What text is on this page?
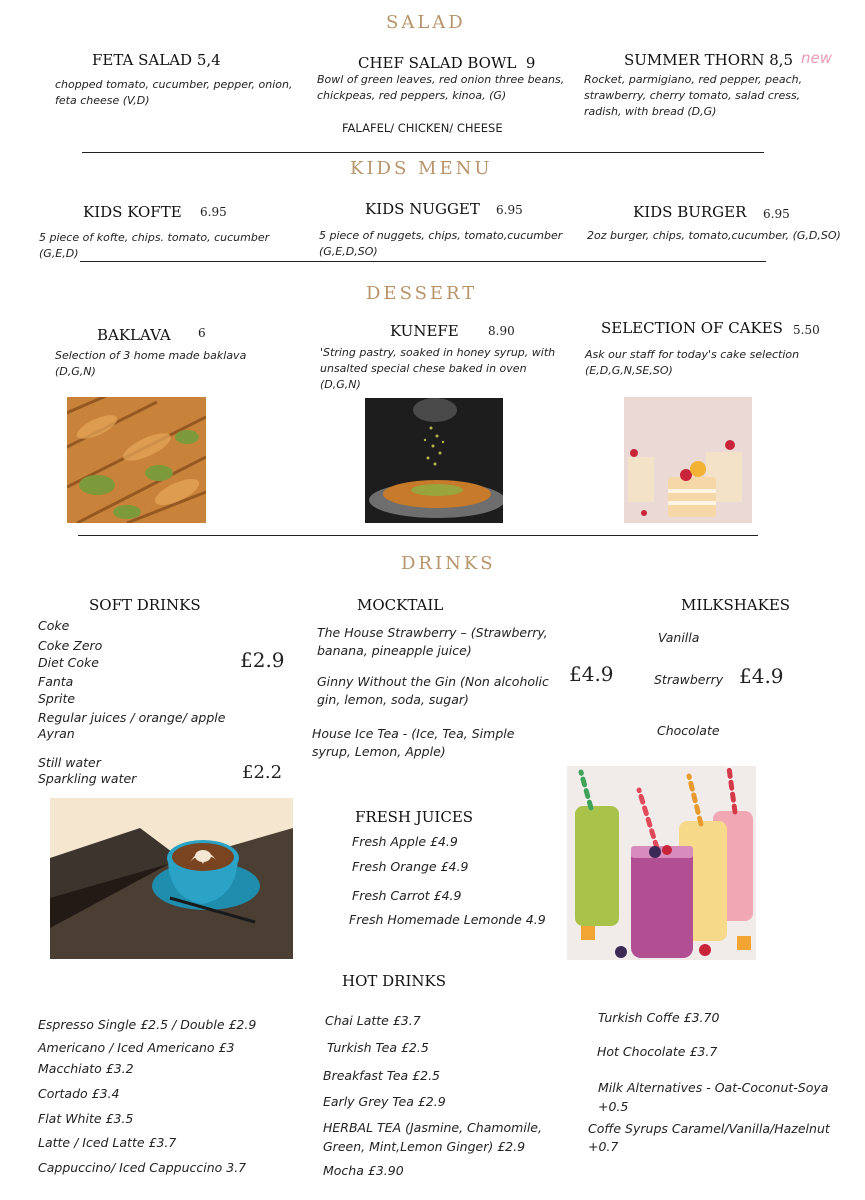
SALAD
FETA SALAD 5,4
chopped tomato, cucumber, pepper, onion,
feta cheese (V,D)
CHEF SALAD BOWL 9
Bowl of green leaves, red onion three beans,
chickpeas, red peppers, kinoa, (G)
FALAFEL/ CHICKEN/ CHEESE
SUMMER THORN 8,5 new
Rocket, parmigiano, red pepper, peach,
strawberry, cherry tomato, salad cress,
radish, with bread (D,G)
KIDS MENU
KIDS KOFTE 6.95
5 piece of kofte, chips. tomato, cucumber
(G,E,D)
KIDS NUGGET 6.95
5 piece of nuggets, chips, tomato,cucumber
(G,E,D,SO)
KIDS BURGER 6.95
2oz burger, chips, tomato,cucumber, (G,D,SO)
DESSERT
BAKLAVA 6
Selection of 3 home made baklava
(D,G,N)
KUNEFE 8.90
'String pastry, soaked in honey syrup, with
unsalted special chese baked in oven
(D,G,N)
SELECTION OF CAKES 5.50
Ask our staff for today's cake selection
(E,D,G,N,SE,SO)
DRINKS
SOFT DRINKS
Coke
Coke Zero
Diet Coke
Fanta
Sprite
Regular juices / orange/ apple
Ayran
£2.9
Still water
Sparkling water	£2.2
MOCKTAIL
The House Strawberry – (Strawberry,
banana, pineapple juice)
Ginny Without the Gin (Non alcoholic
gin, lemon, soda, sugar)
House Ice Tea - (Ice, Tea, Simple
syrup, Lemon, Apple)
£4.9
MILKSHAKES
Vanilla
Strawberry
Chocolate
£4.9
FRESH JUICES
Fresh Apple £4.9
Fresh Orange £4.9
Fresh Carrot £4.9
Fresh Homemade Lemonde 4.9
HOT DRINKS
Espresso Single £2.5 / Double £2.9
Americano / Iced Americano £3
Macchiato £3.2
Cortado £3.4
Flat White £3.5
Latte / Iced Latte £3.7
Cappuccino/ Iced Cappuccino 3.7
Chai Latte £3.7
Turkish Tea £2.5
Breakfast Tea £2.5
Early Grey Tea £2.9
HERBAL TEA (Jasmine, Chamomile,
Green, Mint,Lemon Ginger) £2.9
Mocha £3.90
Turkish Coffe £3.70
Hot Chocolate £3.7
Milk Alternatives - Oat-Coconut-Soya
+0.5
Coffe Syrups Caramel/Vanilla/Hazelnut
+0.7
